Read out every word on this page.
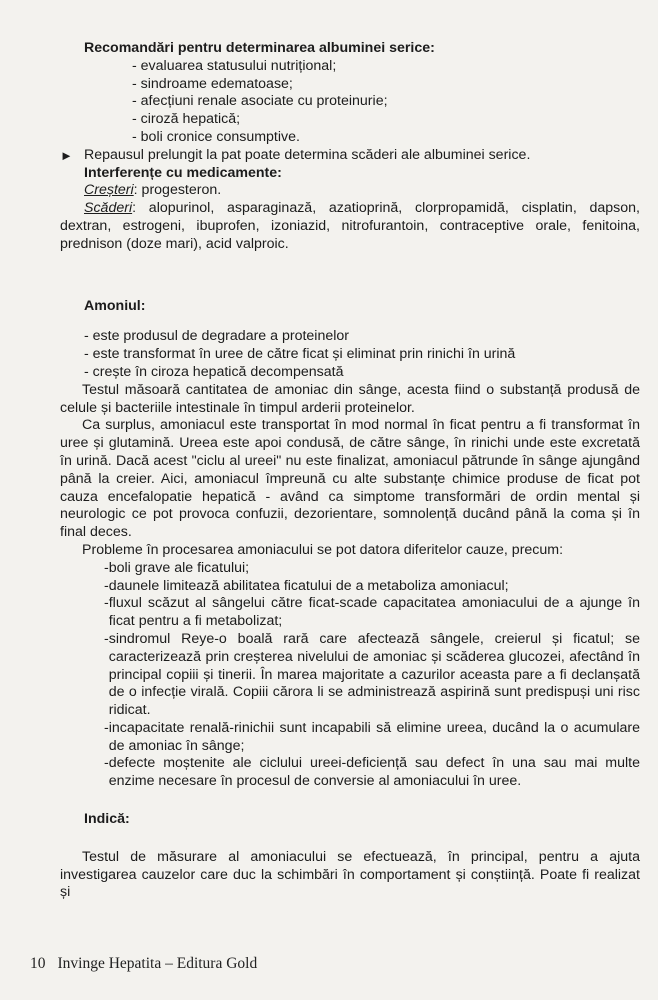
Recomandări pentru determinarea albuminei serice:

- evaluarea statusului nutrițional;
- sindroame edematoase;
- afecțiuni renale asociate cu proteinurie;
- ciroză hepatică;
- boli cronice consumptive.
► Repausul prelungit la pat poate determina scăderi ale albuminei serice.

Interferențe cu medicamente:

Creșteri: progesteron.

Scăderi: alopurinol, asparaginază, azatioprină, clorpropamidă, cisplatin, dapson, dextran, estrogeni, ibuprofen, izoniazid, nitrofurantoin, contraceptive orale, fenitoina, prednison (doze mari), acid valproic.

Amoniul:

- este produsul de degradare a proteinelor
- este transformat în uree de către ficat și eliminat prin rinichi în urină
- crește în ciroza hepatică decompensată

Testul măsoară cantitatea de amoniac din sânge, acesta fiind o substanță produsă de celule și bacteriile intestinale în timpul arderii proteinelor.

Ca surplus, amoniacul este transportat în mod normal în ficat pentru a fi transformat în uree și glutamină. Ureea este apoi condusă, de către sânge, în rinichi unde este excretată în urină. Dacă acest "ciclu al ureei" nu este finalizat, amoniacul pătrunde în sânge ajungând până la creier. Aici, amoniacul împreună cu alte substanțe chimice produse de ficat pot cauza encefalopatie hepatică - având ca simptome transformări de ordin mental și neurologic ce pot provoca confuzii, dezorientare, somnolență ducând până la coma și în final deces.

Probleme în procesarea amoniacului se pot datora diferitelor cauze, precum:

- boli grave ale ficatului;
- daunele limitează abilitatea ficatului de a metaboliza amoniacul;
- fluxul scăzut al sângelui către ficat-scade capacitatea amoniacului de a ajunge în ficat pentru a fi metabolizat;
- sindromul Reye-o boală rară care afectează sângele, creierul și ficatul; se caracterizează prin creșterea nivelului de amoniac și scăderea glucozei, afectând în principal copiii și tinerii. În marea majoritate a cazurilor aceasta pare a fi declanșată de o infecție virală. Copiii cărora li se administrează aspirină sunt predispuși uni risc ridicat.
- incapacitate renală-rinichii sunt incapabili să elimine ureea, ducând la o acumulare de amoniac în sânge;
- defecte moștenite ale ciclului ureei-deficiență sau defect în una sau mai multe enzime necesare în procesul de conversie al amoniacului în uree.

Indică:

Testul de măsurare al amoniacului se efectuează, în principal, pentru a ajuta investigarea cauzelor care duc la schimbări în comportament și conștiință. Poate fi realizat și

10 Invinge Hepatita – Editura Gold
